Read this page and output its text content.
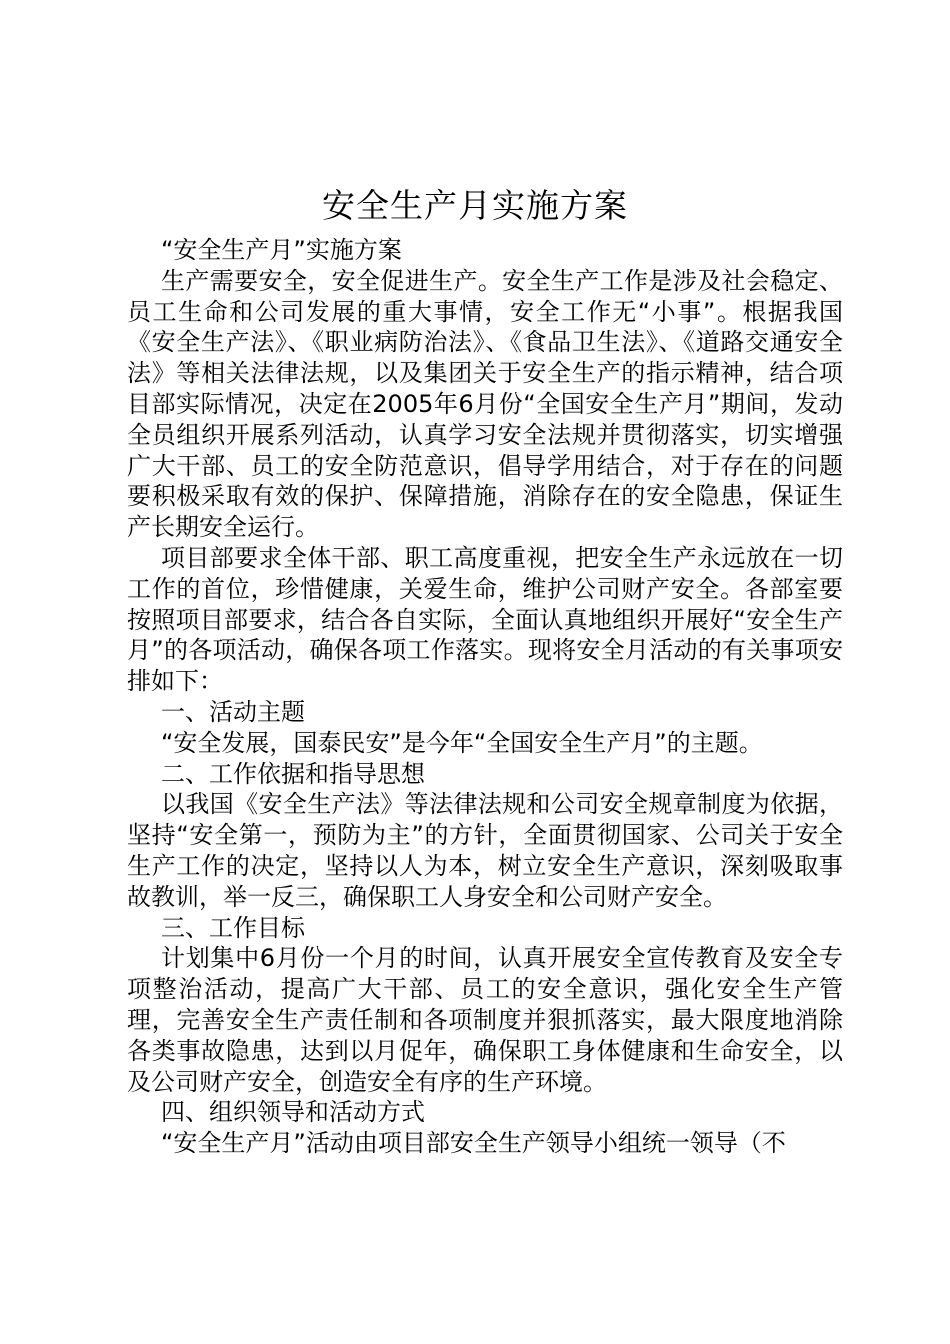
安全生产月实施方案

“安全生产月”实施方案

生产需要安全，安全促进生产。安全生产工作是涉及社会稳定、员工生命和公司发展的重大事情，安全工作无“小事”。根据我国《安全生产法》、《职业病防治法》、《食品卫生法》、《道路交通安全法》等相关法律法规，以及集团关于安全生产的指示精神，结合项目部实际情况，决定在2005年6月份“全国安全生产月”期间，发动全员组织开展系列活动，认真学习安全法规并贯彻落实，切实增强广大干部、员工的安全防范意识，倡导学用结合，对于存在的问题要积极采取有效的保护、保障措施，消除存在的安全隐患，保证生产长期安全运行。

项目部要求全体干部、职工高度重视，把安全生产永远放在一切工作的首位，珍惜健康，关爱生命，维护公司财产安全。各部室要按照项目部要求，结合各自实际，全面认真地组织开展好“安全生产月”的各项活动，确保各项工作落实。现将安全月活动的有关事项安排如下：

一、活动主题

“安全发展，国泰民安”是今年“全国安全生产月”的主题。

二、工作依据和指导思想

以我国《安全生产法》等法律法规和公司安全规章制度为依据，坚持“安全第一，预防为主”的方针，全面贯彻国家、公司关于安全生产工作的决定，坚持以人为本，树立安全生产意识，深刻吸取事故教训，举一反三，确保职工人身安全和公司财产安全。

三、工作目标

计划集中6月份一个月的时间，认真开展安全宣传教育及安全专项整治活动，提高广大干部、员工的安全意识，强化安全生产管理，完善安全生产责任制和各项制度并狠抓落实，最大限度地消除各类事故隐患，达到以月促年，确保职工身体健康和生命安全，以及公司财产安全，创造安全有序的生产环境。

四、组织领导和活动方式

“安全生产月”活动由项目部安全生产领导小组统一领导（不
